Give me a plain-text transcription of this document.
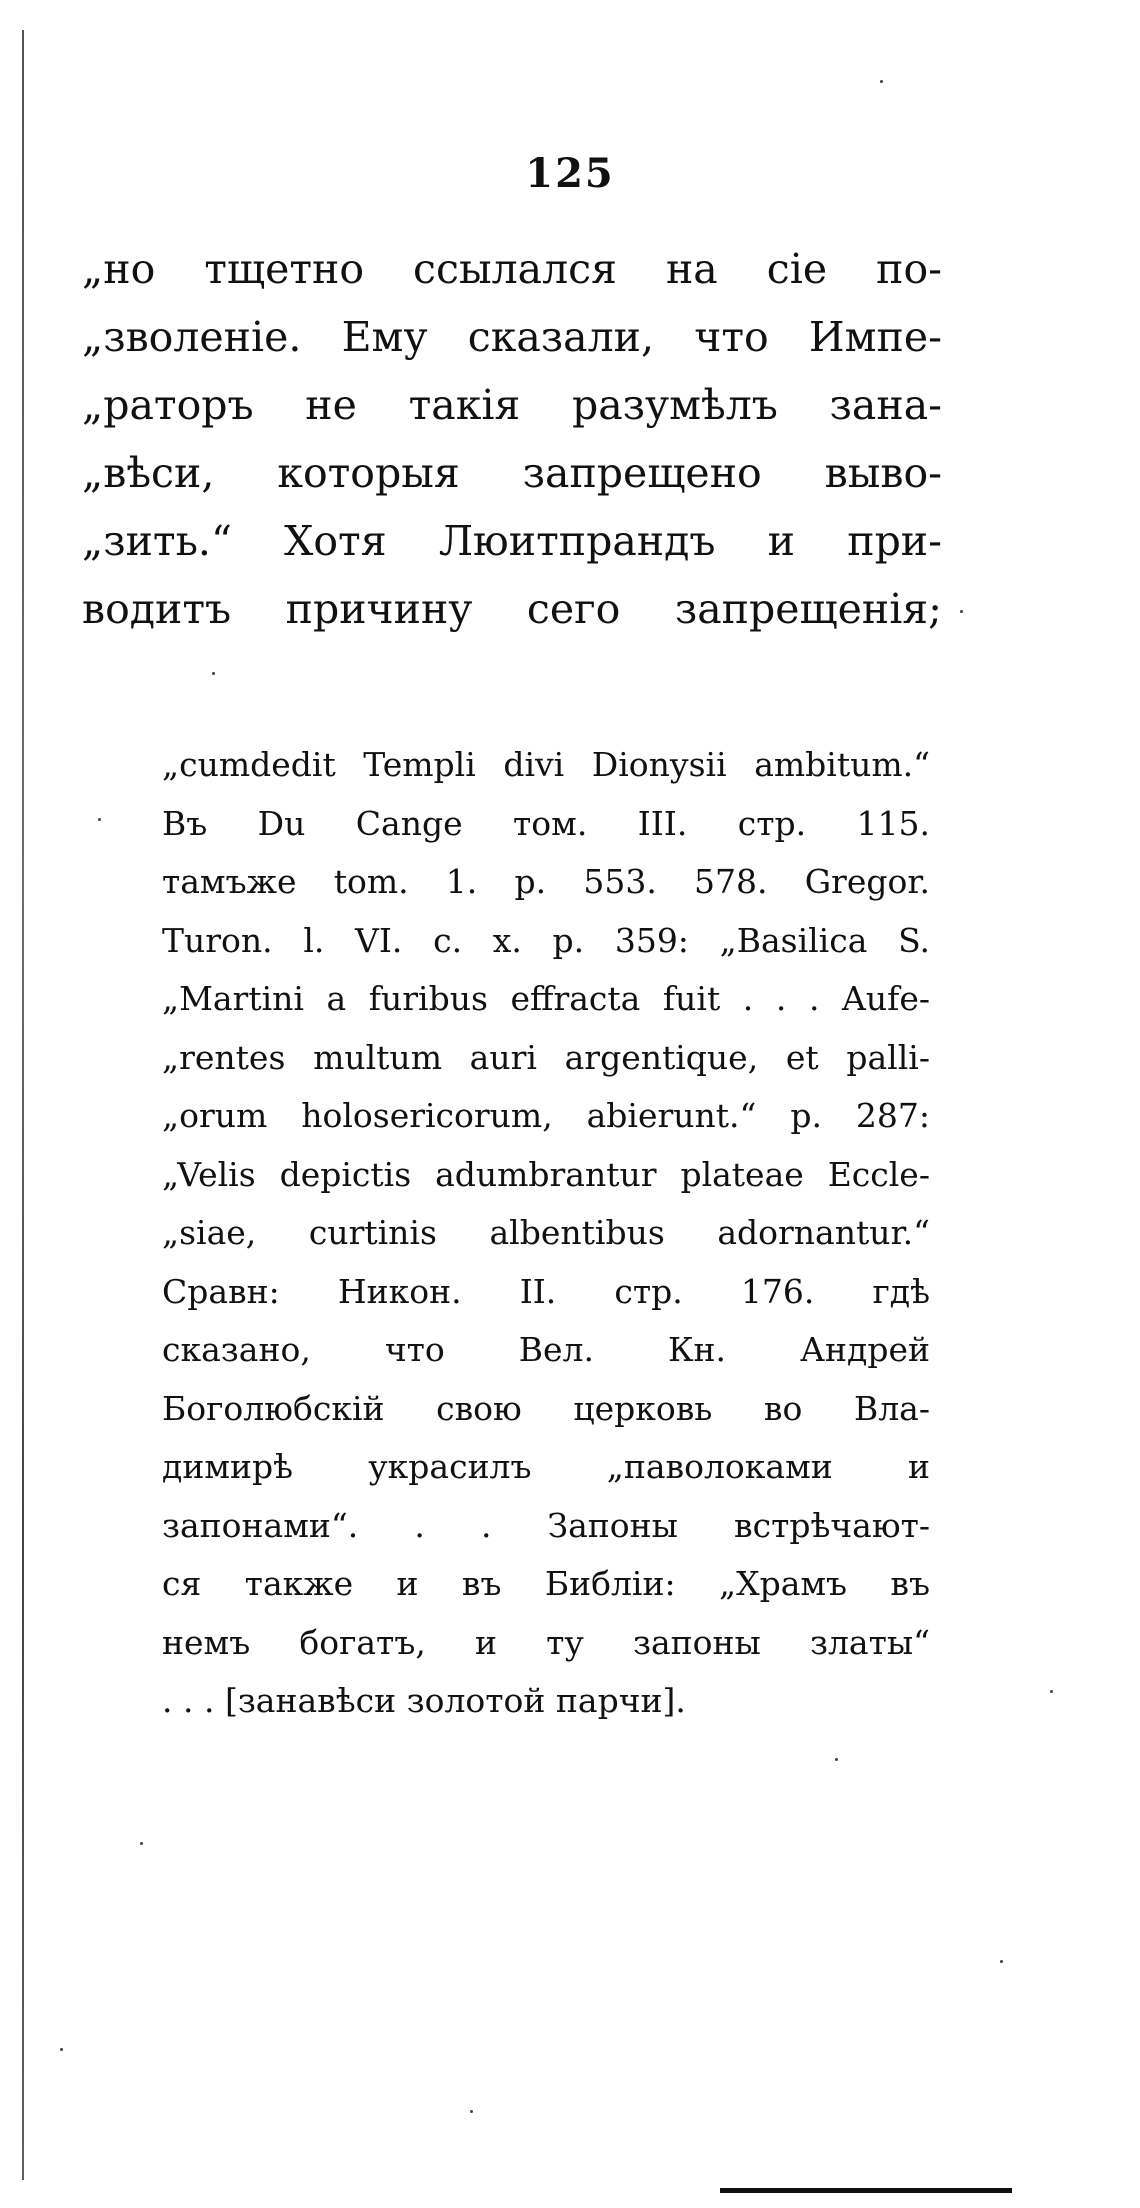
125
„но тщетно ссылался на сіе по-
„зволеніе. Ему сказали, что Импе-
„раторъ не такія разумѣлъ зана-
„вѣси, которыя запрещено выво-
„зить.“ Хотя Люитпрандъ и при-
водитъ причину сего запрещенія;
„cumdedit Templi divi Dionysii ambitum.“
Въ Du Cange том. III. стр. 115.
тамъже tom. 1. p. 553. 578. Gregor.
Turon. l. VI. c. x. p. 359: „Basilica S.
„Martini a furibus effracta fuit . . . Aufe-
„rentes multum auri argentique, et palli-
„orum holosericorum, abierunt.“ p. 287:
„Velis depictis adumbrantur plateae Eccle-
„siae, curtinis albentibus adornantur.“
Сравн: Никон. II. стр. 176. гдѣ
сказано, что Вел. Кн. Андрей
Боголюбскій свою церковь во Вла-
димирѣ украсилъ „паволоками и
запонами“. . . Запоны встрѣчают-
ся также и въ Библіи: „Храмъ въ
немъ богатъ, и ту запоны златы“
. . . [занавѣси золотой парчи].
